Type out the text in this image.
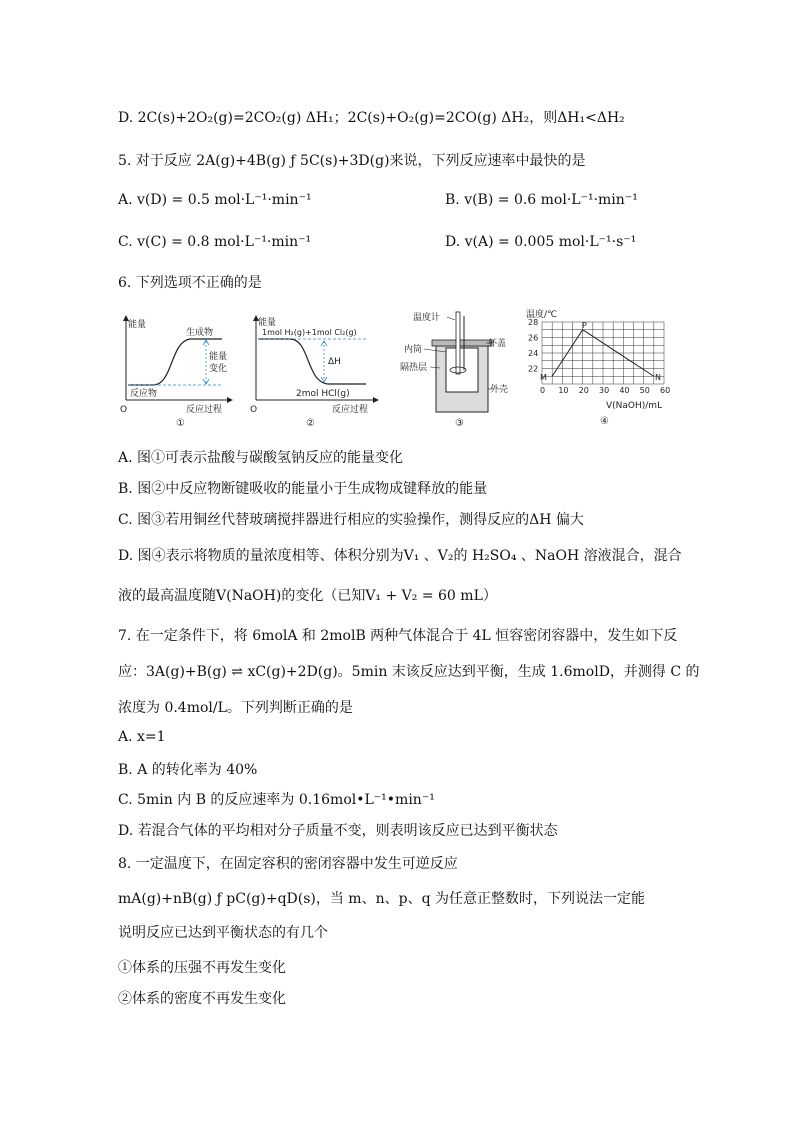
D. 2C(s)+2O₂(g)=2CO₂(g) ΔH₁；2C(s)+O₂(g)=2CO(g) ΔH₂，则ΔH₁<ΔH₂
5. 对于反应 2A(g)+4B(g) ƒ 5C(s)+3D(g)来说，下列反应速率中最快的是
A. v(D) = 0.5 mol·L⁻¹·min⁻¹	B. v(B) = 0.6 mol·L⁻¹·min⁻¹
C. v(C) = 0.8 mol·L⁻¹·min⁻¹	D. v(A) = 0.005 mol·L⁻¹·s⁻¹
6. 下列选项不正确的是
能量
生成物
能量
变化
反应物
O	反应过程
①
能量
1mol H₂(g)+1mol Cl₂(g)
ΔH
2mol HCl(g)
O	反应过程
②
温度计
杯盖
内筒
隔热层
外壳
③
温度/℃
28
26
24
22
0 10 20 30 40 50 60
M
P
N
V(NaOH)/mL
④
A. 图①可表示盐酸与碳酸氢钠反应的能量变化
B. 图②中反应物断键吸收的能量小于生成物成键释放的能量
C. 图③若用铜丝代替玻璃搅拌器进行相应的实验操作，测得反应的ΔH 偏大
D. 图④表示将物质的量浓度相等、体积分别为V₁ 、V₂的 H₂SO₄ 、NaOH 溶液混合，混合
液的最高温度随V(NaOH)的变化（已知V₁ + V₂ = 60 mL）
7. 在一定条件下，将 6molA 和 2molB 两种气体混合于 4L 恒容密闭容器中，发生如下反
应：3A(g)+B(g) ⇌ xC(g)+2D(g)。5min 末该反应达到平衡，生成 1.6molD，并测得 C 的
浓度为 0.4mol/L。下列判断正确的是
A. x=1
B. A 的转化率为 40%
C. 5min 内 B 的反应速率为 0.16mol•L⁻¹•min⁻¹
D. 若混合气体的平均相对分子质量不变，则表明该反应已达到平衡状态
8. 一定温度下，在固定容积的密闭容器中发生可逆反应
mA(g)+nB(g) ƒ pC(g)+qD(s)，当 m、n、p、q 为任意正整数时，下列说法一定能
说明反应已达到平衡状态的有几个
①体系的压强不再发生变化
②体系的密度不再发生变化
